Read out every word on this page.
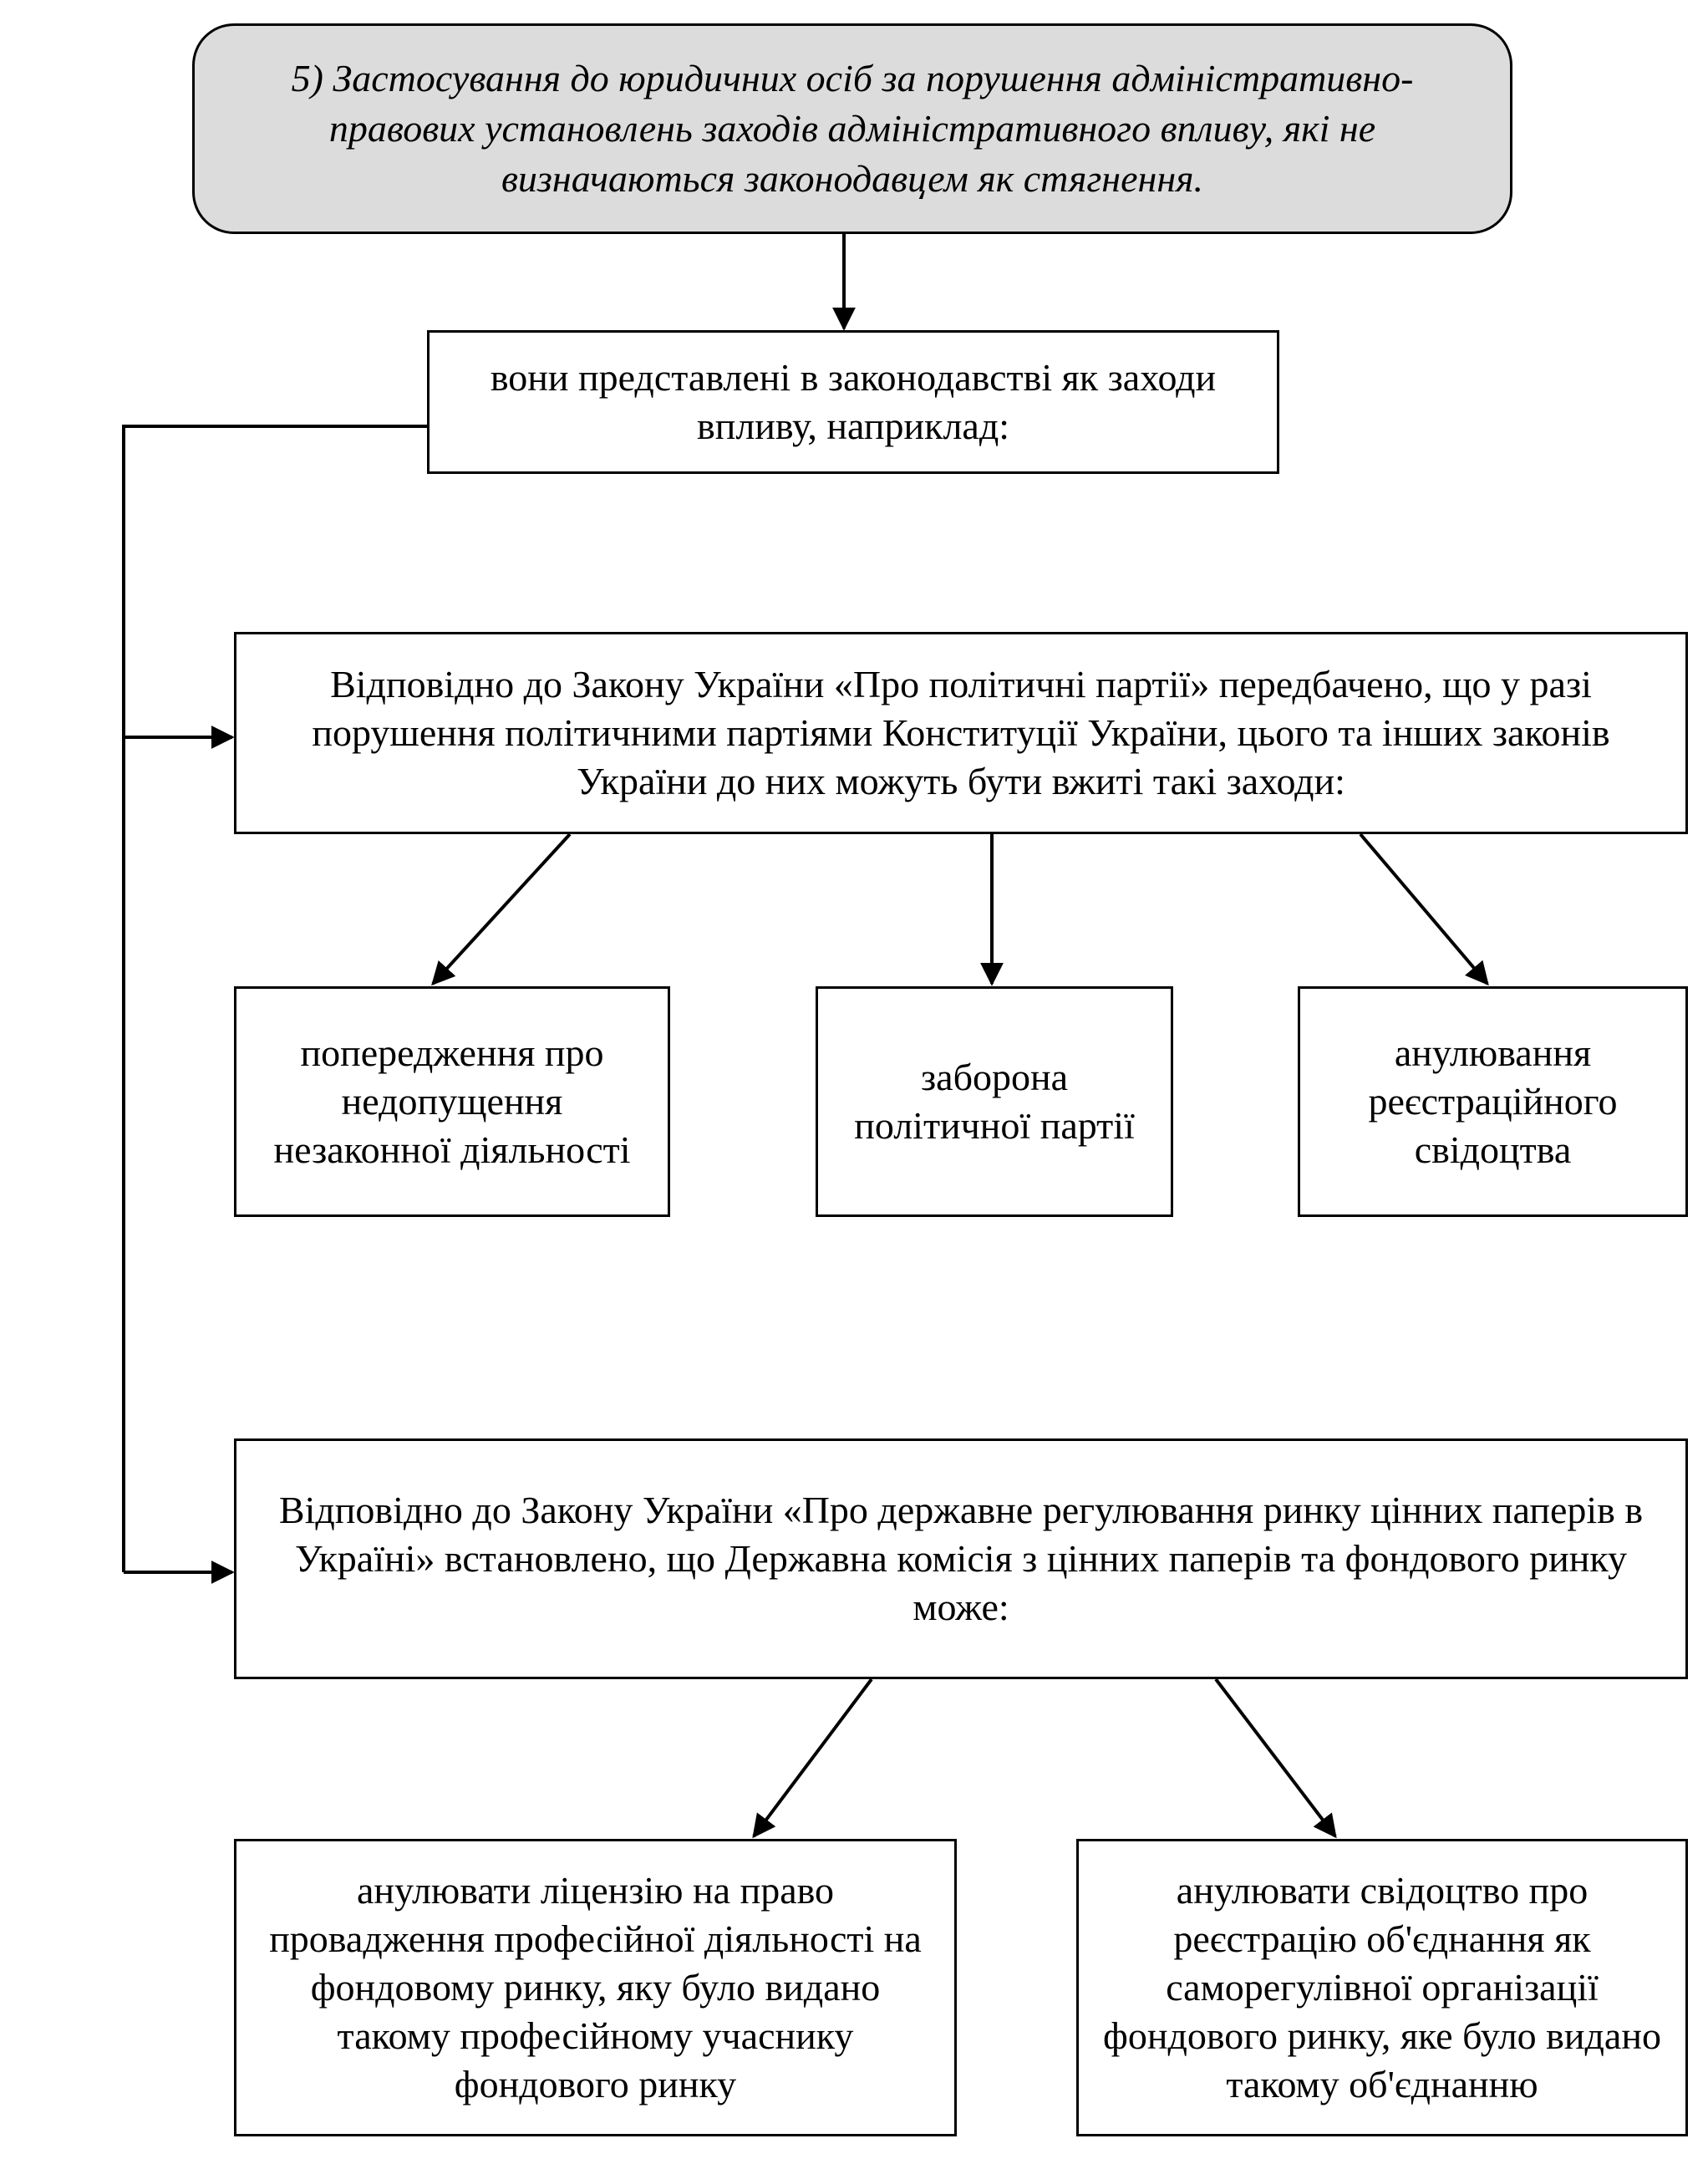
5) Застосування до юридичних осіб за порушення адміністративно-правових установлень заходів адміністративного впливу, які не визначаються законодавцем як стягнення.
вони представлені в законодавстві як заходи впливу, наприклад:
Відповідно до Закону України «Про політичні партії» передбачено, що у разі порушення політичними партіями Конституції України, цього та інших законів України до них можуть бути вжиті такі заходи:
попередження про недопущення незаконної діяльності
заборона політичної партії
анулювання реєстраційного свідоцтва
Відповідно до Закону України «Про державне регулювання ринку цінних паперів в Україні» встановлено, що Державна комісія з цінних паперів та фондового ринку може:
анулювати ліцензію на право провадження професійної діяльності на фондовому ринку, яку було видано такому професійному учаснику фондового ринку
анулювати свідоцтво про реєстрацію об'єднання як саморегулівної організації фондового ринку, яке було видано такому об'єднанню
